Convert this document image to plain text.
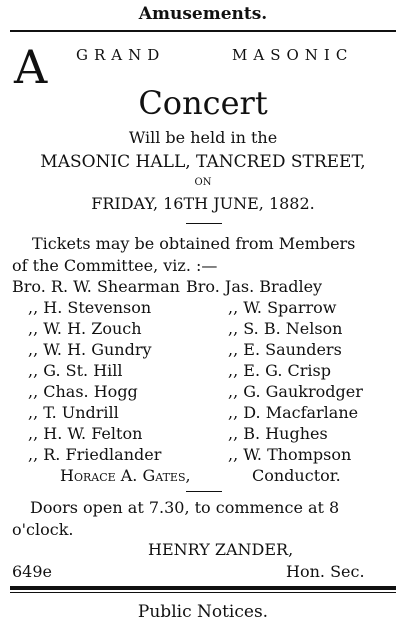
Amusements.
A GRAND	MASONIC
Concert
Will be held in the
MASONIC HALL, TANCRED STREET,
ON
FRIDAY, 16TH JUNE, 1882.
Tickets may be obtained from Members
of the Committee, viz. :—
Bro. R. W. Shearman Bro. Jas. Bradley
,, H. Stevenson	,, W. Sparrow
,, W. H. Zouch	,, S. B. Nelson
,, W. H. Gundry	,, E. Saunders
,, G. St. Hill	,, E. G. Crisp
,, Chas. Hogg	,, G. Gaukrodger
,, T. Undrill	,, D. Macfarlane
,, H. W. Felton	,, B. Hughes
,, R. Friedlander	,, W. Thompson
Horace A. Gates,	Conductor.
Doors open at 7.30, to commence at 8
o'clock.
HENRY ZANDER,
649e	Hon. Sec.
Public Notices.
